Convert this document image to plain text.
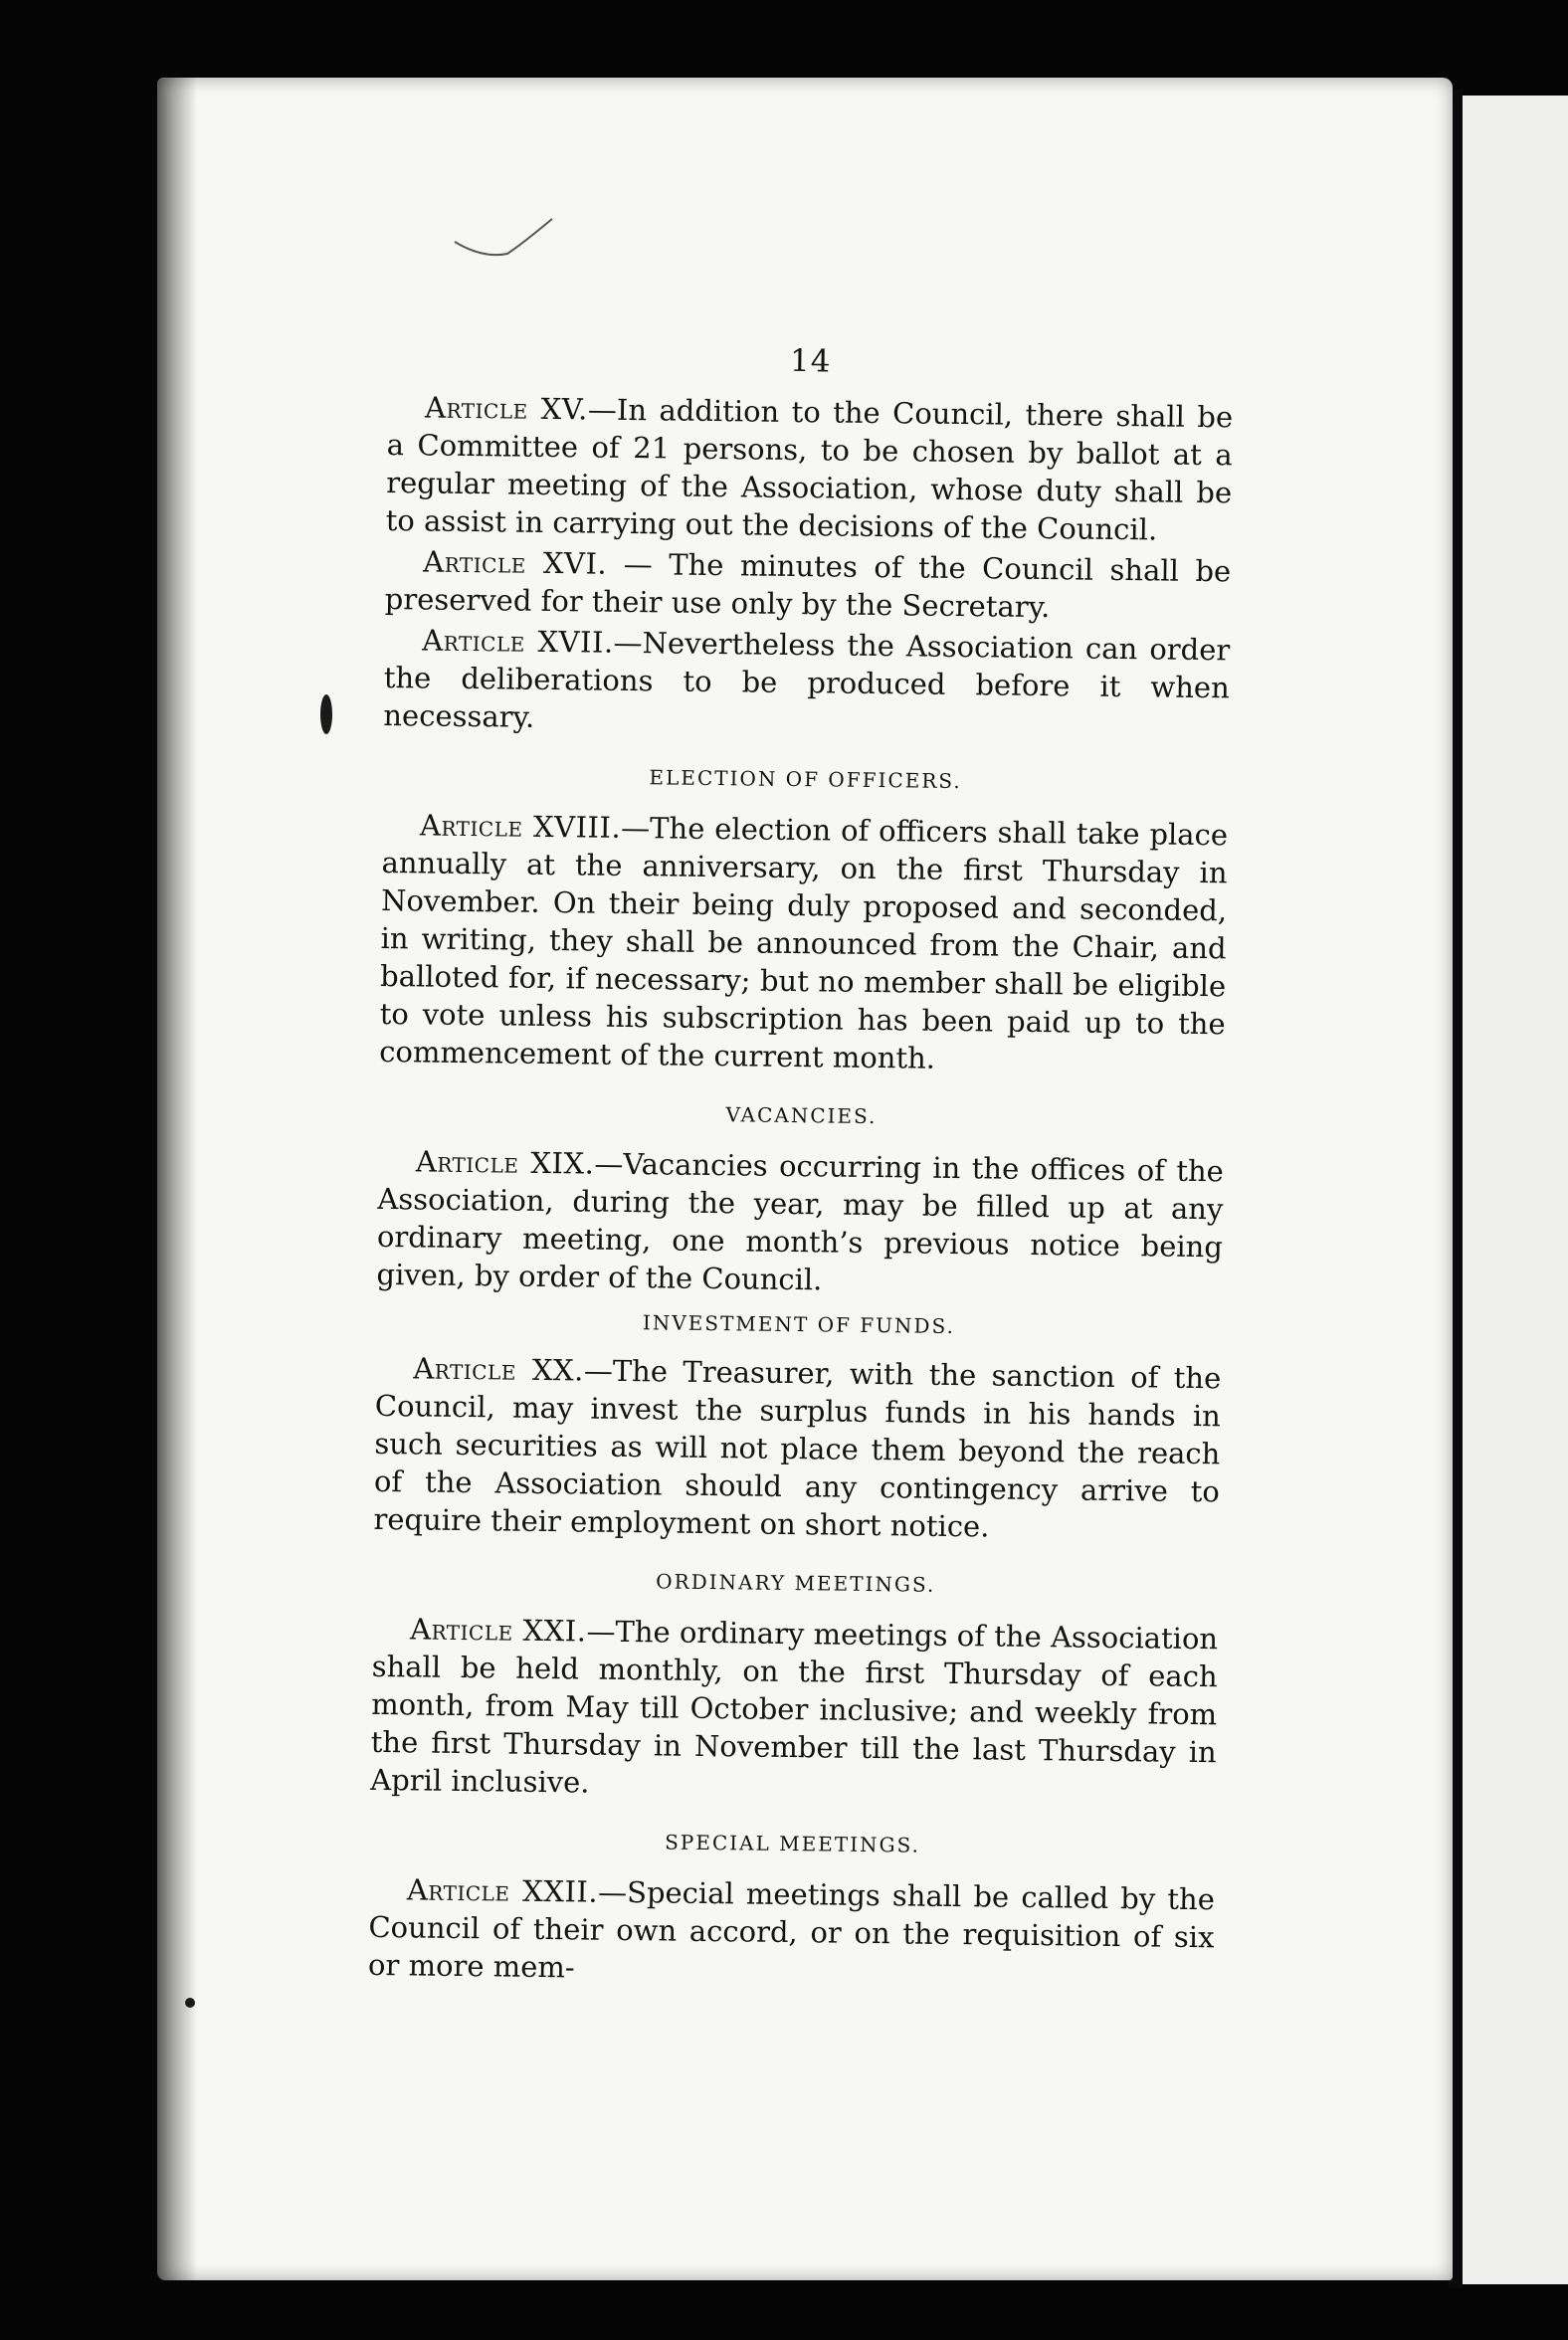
14

Article XV.—In addition to the Council, there shall be a Committee of 21 persons, to be chosen by ballot at a regular meeting of the Association, whose duty shall be to assist in carrying out the decisions of the Council.

Article XVI. — The minutes of the Council shall be preserved for their use only by the Secretary.

Article XVII.—Nevertheless the Association can order the deliberations to be produced before it when necessary.

ELECTION OF OFFICERS.

Article XVIII.—The election of officers shall take place annually at the anniversary, on the first Thursday in November. On their being duly proposed and seconded, in writing, they shall be announced from the Chair, and balloted for, if necessary; but no member shall be eligible to vote unless his subscription has been paid up to the commencement of the current month.

VACANCIES.

Article XIX.—Vacancies occurring in the offices of the Association, during the year, may be filled up at any ordinary meeting, one month’s previous notice being given, by order of the Council.

INVESTMENT OF FUNDS.

Article XX.—The Treasurer, with the sanction of the Council, may invest the surplus funds in his hands in such securities as will not place them beyond the reach of the Association should any contingency arrive to require their employment on short notice.

ORDINARY MEETINGS.

Article XXI.—The ordinary meetings of the Association shall be held monthly, on the first Thursday of each month, from May till October inclusive; and weekly from the first Thursday in November till the last Thursday in April inclusive.

SPECIAL MEETINGS.

Article XXII.—Special meetings shall be called by the Council of their own accord, or on the requisition of six or more mem-
